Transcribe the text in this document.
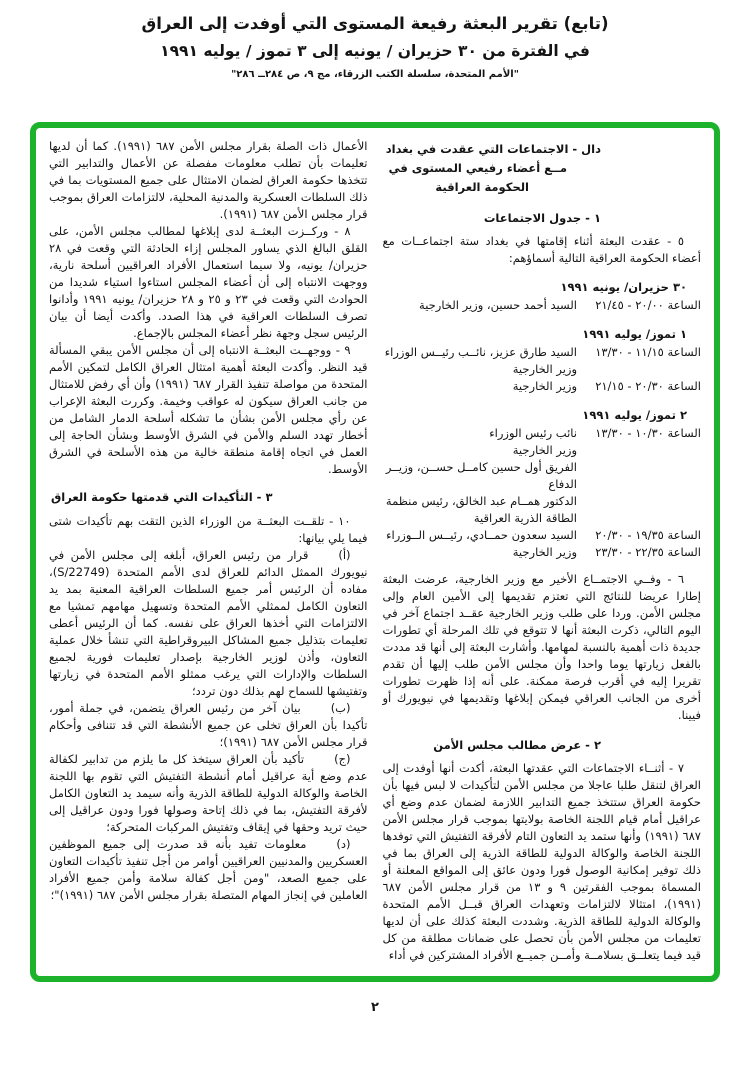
(تابع) تقرير البعثة رفيعة المستوى التي أوفدت إلى العراق
في الفترة من ٣٠ حزيران / يونيه إلى ٣ تموز / يوليه ١٩٩١
"الأمم المتحدة، سلسلة الكتب الزرقاء، مج ٩، ص ٢٨٤ــ ٢٨٦"
دال - الاجتماعات التي عقدت في بغداد
مــع أعضاء رفيعي المستوى في
الحكومة العراقية
١ - جدول الاجتماعات
٥ - عقدت البعثة أثناء إقامتها في بغداد ستة اجتماعــات مع أعضاء الحكومة العراقية التالية أسماؤهم:
٣٠ حزيران/ يونيه ١٩٩١
الساعة ٢٠/٠٠ - ٢١/٤٥
السيد أحمد حسين، وزير الخارجية
١ تموز/ يوليه ١٩٩١
الساعة ١١/١٥ - ١٣/٣٠
السيد طارق عزيز، نائــب رئيــس الوزراء
وزير الخارجية
الساعة ٢٠/٣٠ - ٢١/١٥
وزير الخارجية
٢ تموز/ يوليه ١٩٩١
الساعة ١٠/٣٠ - ١٣/٣٠
نائب رئيس الوزراء
وزير الخارجية
الفريق أول حسين كامــل حســن، وزيــر الدفاع
الدكتور همــام عبد الخالق، رئيس منظمة الطاقة الذرية العراقية
الساعة ١٩/٣٥ - ٢٠/٣٠
السيد سعدون حمــادي، رئيــس الــوزراء
الساعة ٢٢/٣٥ - ٢٣/٣٠
وزير الخارجية
٦ - وفــي الاجتمــاع الأخير مع وزير الخارجية، عرضت البعثة إطارا عريضا للنتائج التي تعتزم تقديمها إلى الأمين العام وإلى مجلس الأمن. وردا على طلب وزير الخارجية عقــد اجتماع آخر في اليوم التالي، ذكرت البعثة أنها لا تتوقع في تلك المرحلة أي تطورات جديدة ذات أهمية بالنسبة لمهامها. وأشارت البعثة إلى أنها قد مددت بالفعل زيارتها يوما واحدا وأن مجلس الأمن طلب إليها أن تقدم تقريرا إليه في أقرب فرصة ممكنة. على أنه إذا ظهرت تطورات أخرى من الجانب العراقي فيمكن إبلاغها وتقديمها في نيويورك أو فيينا.
٢ - عرض مطالب مجلس الأمن
٧ - أثنــاء الاجتماعات التي عقدتها البعثة، أكدت أنها أوفدت إلى العراق لتنقل طلبا عاجلا من مجلس الأمن لتأكيدات لا لبس فيها بأن حكومة العراق ستتخذ جميع التدابير اللازمة لضمان عدم وضع أي عراقيل أمام قيام اللجنة الخاصة بولايتها بموجب قرار مجلس الأمن ٦٨٧ (١٩٩١) وأنها ستمد يد التعاون التام لأفرقة التفتيش التي توفدها اللجنة الخاصة والوكالة الدولية للطاقة الذرية إلى العراق بما في ذلك توفير إمكانية الوصول فورا ودون عائق إلى المواقع المعلنة أو المسماة بموجب الفقرتين ٩ و ١٣ من قرار مجلس الأمن ٦٨٧ (١٩٩١)، امتثالا لالتزامات وتعهدات العراق قبــل الأمم المتحدة والوكالة الدولية للطاقة الذرية. وشددت البعثة كذلك على أن لديها تعليمات من مجلس الأمن بأن تحصل على ضمانات مطلقة من كل قيد فيما يتعلــق بسلامــة وأمــن جميــع الأفراد المشتركين في أداء
الأعمال ذات الصلة بقرار مجلس الأمن ٦٨٧ (١٩٩١). كما أن لديها تعليمات بأن تطلب معلومات مفصلة عن الأعمال والتدابير التي تتخذها حكومة العراق لضمان الامتثال على جميع المستويات بما في ذلك السلطات العسكرية والمدنية المحلية، لالتزامات العراق بموجب قرار مجلس الأمن ٦٨٧ (١٩٩١).
٨ - وركــزت البعثــة لدى إبلاغها لمطالب مجلس الأمن، على القلق البالغ الذي يساور المجلس إزاء الحادثة التي وقعت في ٢٨ حزيران/ يونيه، ولا سيما استعمال الأفراد العراقيين أسلحة نارية، ووجهت الانتباه إلى أن أعضاء المجلس استاءوا استياء شديدا من الحوادث التي وقعت في ٢٣ و ٢٥ و ٢٨ حزيران/ يونيه ١٩٩١ وأدانوا تصرف السلطات العراقية في هذا الصدد. وأكدت أيضا أن بيان الرئيس سجل وجهة نظر أعضاء المجلس بالإجماع.
٩ - ووجهــت البعثــة الانتباه إلى أن مجلس الأمن يبقي المسألة قيد النظر. وأكدت البعثة أهمية امتثال العراق الكامل لتمكين الأمم المتحدة من مواصلة تنفيذ القرار ٦٨٧ (١٩٩١) وأن أي رفض للامتثال من جانب العراق سيكون له عواقب وخيمة. وكررت البعثة الإعراب عن رأي مجلس الأمن بشأن ما تشكله أسلحة الدمار الشامل من أخطار تهدد السلم والأمن في الشرق الأوسط وبشأن الحاجة إلى العمل في اتجاه إقامة منطقة خالية من هذه الأسلحة في الشرق الأوسط.
٣ - التأكيدات التي قدمتها حكومة العراق
١٠ - تلقــت البعثــة من الوزراء الذين التقت بهم تأكيدات شتى فيما يلي بيانها:
(أ)قرار من رئيس العراق، أبلغه إلى مجلس الأمن في نيويورك الممثل الدائم للعراق لدى الأمم المتحدة (S/22749)، مفاده أن الرئيس أمر جميع السلطات العراقية المعنية بمد يد التعاون الكامل لممثلي الأمم المتحدة وتسهيل مهامهم تمشيا مع الالتزامات التي أخذها العراق على نفسه. كما أن الرئيس أعطى تعليمات بتذليل جميع المشاكل البيروقراطية التي تنشأ خلال عملية التعاون، وأذن لوزير الخارجية بإصدار تعليمات فورية لجميع السلطات والإدارات التي يرغب ممثلو الأمم المتحدة في زيارتها وتفتيشها للسماح لهم بذلك دون تردد؛
(ب)بيان آخر من رئيس العراق يتضمن، في جملة أمور، تأكيدا بأن العراق تخلى عن جميع الأنشطة التي قد تتنافى وأحكام قرار مجلس الأمن ٦٨٧ (١٩٩١)؛
(ج)تأكيد بأن العراق سيتخذ كل ما يلزم من تدابير لكفالة عدم وضع أية عراقيل أمام أنشطة التفتيش التي تقوم بها اللجنة الخاصة والوكالة الدولية للطاقة الذرية وأنه سيمد يد التعاون الكامل لأفرقة التفتيش، بما في ذلك إتاحة وصولها فورا ودون عراقيل إلى حيث تريد وحقها في إيقاف وتفتيش المركبات المتحركة؛
(د)معلومات تفيد بأنه قد صدرت إلى جميع الموظفين العسكريين والمدنيين العراقيين أوامر من أجل تنفيذ تأكيدات التعاون على جميع الصعد، "ومن أجل كفالة سلامة وأمن جميع الأفراد العاملين في إنجاز المهام المتصلة بقرار مجلس الأمن ٦٨٧ (١٩٩١)"؛
٢
